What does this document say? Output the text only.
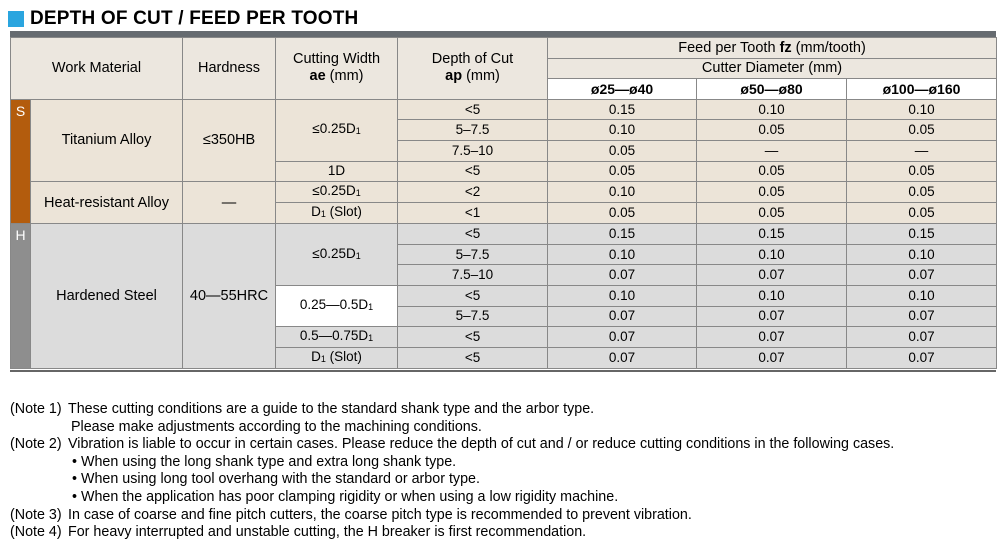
DEPTH OF CUT / FEED PER TOOTH
Work Material		Hardness	Cutting Width
ae (mm)	Depth of Cut
ap (mm)	Feed per Tooth fz (mm/tooth)		
					Cutter Diameter (mm)		
					ø25—ø40	ø50—ø80	ø100—ø160

S	Titanium Alloy	≤350HB	$\le 0.25D_1$	<5	0.15	0.10	0.10
				5–7.5	0.10	0.05	0.05
				7.5–10	0.05	—	—
			1D	<5	0.05	0.05	0.05
	Heat-resistant Alloy	—	$\le 0.25D_1$	<2	0.10	0.05	0.05
			$D_1$ (Slot)	<1	0.05	0.05	0.05

H	Hardened Steel	40—55HRC	$\le 0.25D_1$	<5	0.15	0.15	0.15
				5–7.5	0.10	0.10	0.10
				7.5–10	0.07	0.07	0.07
			$0.25—0.5D_1$	<5	0.10	0.10	0.10
				5–7.5	0.07	0.07	0.07
			$0.5—0.75D_1$	<5	0.07	0.07	0.07
			$D_1$ (Slot)	<5	0.07	0.07	0.07
(Note 1) These cutting conditions are a guide to the standard shank type and the arbor type.
Please make adjustments according to the machining conditions.
(Note 2) Vibration is liable to occur in certain cases. Please reduce the depth of cut and / or reduce cutting conditions in the following cases.
• When using the long shank type and extra long shank type.
• When using long tool overhang with the standard or arbor type.
• When the application has poor clamping rigidity or when using a low rigidity machine.
(Note 3) In case of coarse and fine pitch cutters, the coarse pitch type is recommended to prevent vibration.
(Note 4) For heavy interrupted and unstable cutting, the H breaker is first recommendation.
